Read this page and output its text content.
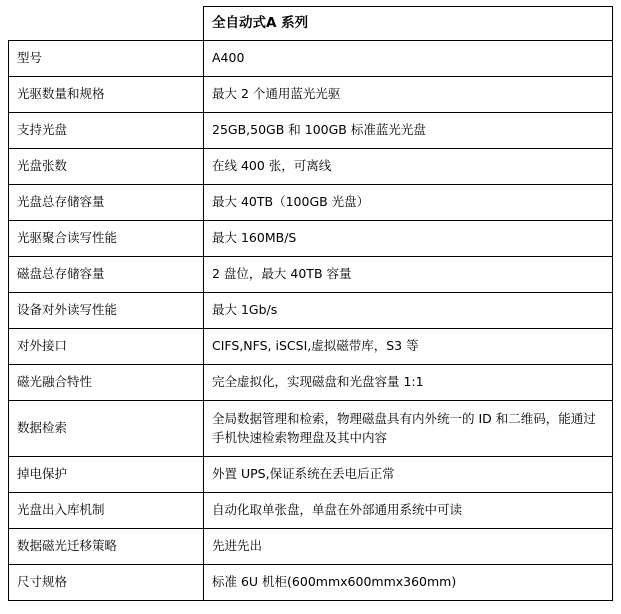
	全自动式A 系列
型号	A400
光驱数量和规格	最大 2 个通用蓝光光驱
支持光盘	25GB,50GB 和 100GB 标准蓝光光盘
光盘张数	在线 400 张，可离线
光盘总存储容量	最大 40TB（100GB 光盘）
光驱聚合读写性能	最大 160MB/S
磁盘总存储容量	2 盘位，最大 40TB 容量
设备对外读写性能	最大 1Gb/s
对外接口	CIFS,NFS, iSCSI,虚拟磁带库，S3 等
磁光融合特性	完全虚拟化，实现磁盘和光盘容量 1:1
数据检索	全局数据管理和检索，物理磁盘具有内外统一的 ID 和二维码，能通过手机快速检索物理盘及其中内容
掉电保护	外置 UPS,保证系统在丢电后正常
光盘出入库机制	自动化取单张盘，单盘在外部通用系统中可读
数据磁光迁移策略	先进先出
尺寸规格	标准 6U 机柜(600mmx600mmx360mm)
